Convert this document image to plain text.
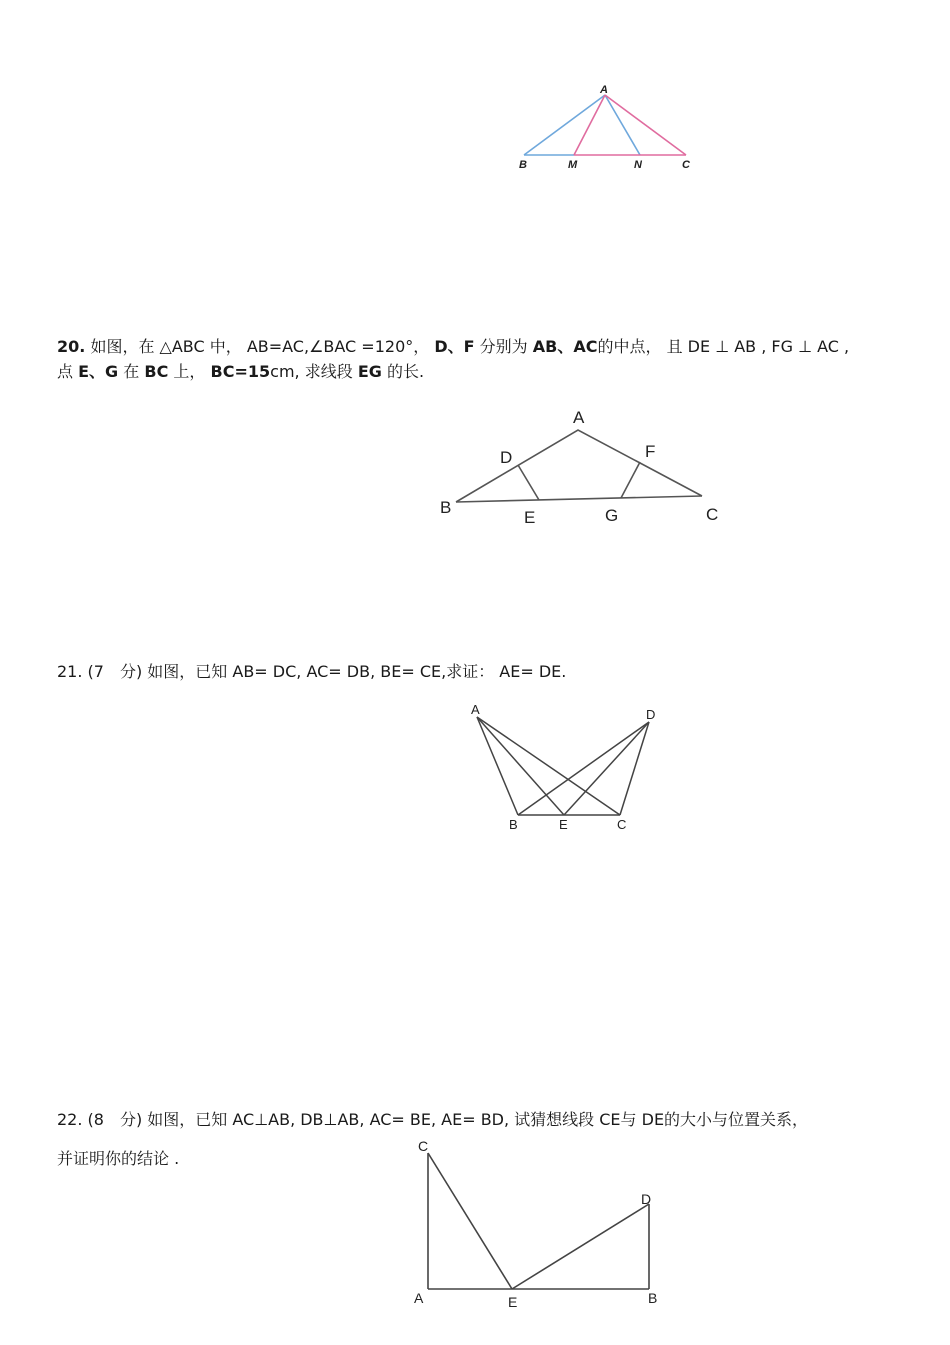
A
B	M	N	C
20. 如图，在 △ABC 中， AB=AC,∠BAC =120°， D、F 分别为 AB、AC的中点， 且 DE ⊥ AB , FG ⊥ AC ,
点 E、G 在 BC 上， BC=15cm, 求线段 EG 的长.
A
D	F
B
E	G	C
21. (7　分) 如图，已知 AB= DC, AC= DB, BE= CE,求证： AE= DE.
A	D
B	E	C
22. (8　分) 如图，已知 AC⊥AB, DB⊥AB, AC= BE, AE= BD, 试猜想线段 CE与 DE的大小与位置关系，
并证明你的结论 .
C
D
A	E	B
